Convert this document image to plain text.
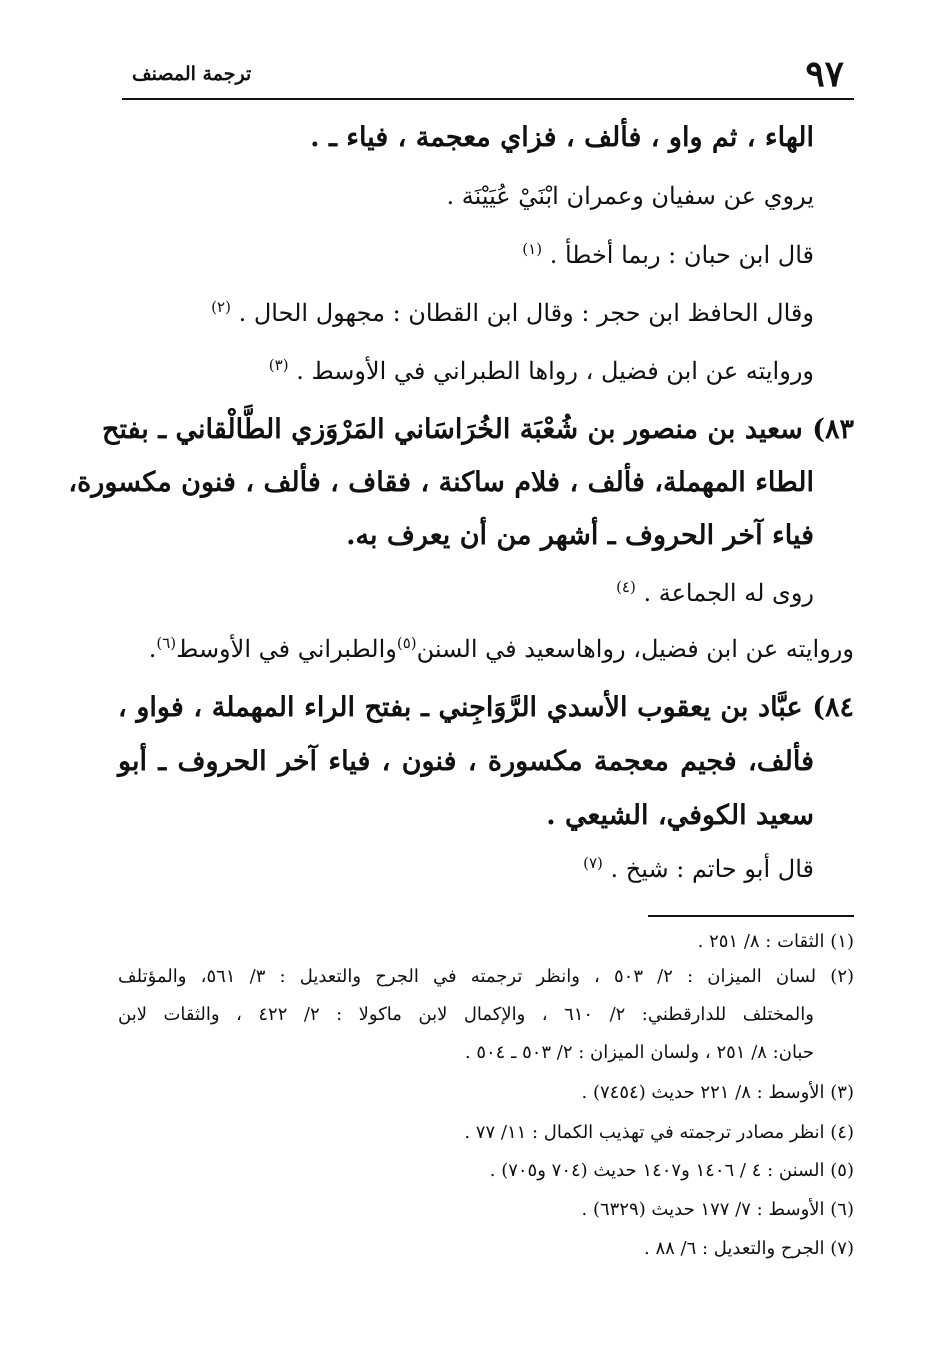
٩٧
ترجمة المصنف
الهاء ، ثم واو ، فألف ، فزاي معجمة ، فياء ـ .
يروي عن سفيان وعمران ابْنَيْ عُيَيْنَة .
قال ابن حبان : ربما أخطأ . $^{(١)}$
وقال الحافظ ابن حجر : وقال ابن القطان : مجهول الحال . $^{(٢)}$
وروايته عن ابن فضيل ، رواها الطبراني في الأوسط . $^{(٣)}$
٨٣) سعيد بن منصور بن شُعْبَة الخُرَاسَاني المَرْوَزي الطَّالْقاني ـ بفتح
الطاء المهملة، فألف ، فلام ساكنة ، فقاف ، فألف ، فنون مكسورة،
فياء آخر الحروف ـ أشهر من أن يعرف به.
روى له الجماعة . $^{(٤)}$
وروايته عن ابن فضيل، رواهاسعيد في السنن$^{(٥)}$والطبراني في الأوسط$^{(٦)}$.
٨٤) عبَّاد بن يعقوب الأسدي الرَّوَاجِني ـ بفتح الراء المهملة ، فواو ،
فألف، فجيم معجمة مكسورة ، فنون ، فياء آخر الحروف ـ أبو
سعيد الكوفي، الشيعي .
قال أبو حاتم : شيخ . $^{(٧)}$
(١) الثقات : ٨/ ٢٥١ .
(٢) لسان الميزان : ٢/ ٥٠٣ ، وانظر ترجمته في الجرح والتعديل : ٣/ ٥٦١، والمؤتلف
والمختلف للدارقطني: ٢/ ٦١٠ ، والإكمال لابن ماكولا : ٢/ ٤٢٢ ، والثقات لابن
حبان: ٨/ ٢٥١ ، ولسان الميزان : ٢/ ٥٠٣ ـ ٥٠٤ .
(٣) الأوسط : ٨/ ٢٢١ حديث (٧٤٥٤) .
(٤) انظر مصادر ترجمته في تهذيب الكمال : ١١/ ٧٧ .
(٥) السنن : ٤ / ١٤٠٦ و١٤٠٧ حديث (٧٠٤ و٧٠٥) .
(٦) الأوسط : ٧/ ١٧٧ حديث (٦٣٢٩) .
(٧) الجرح والتعديل : ٦/ ٨٨ .
